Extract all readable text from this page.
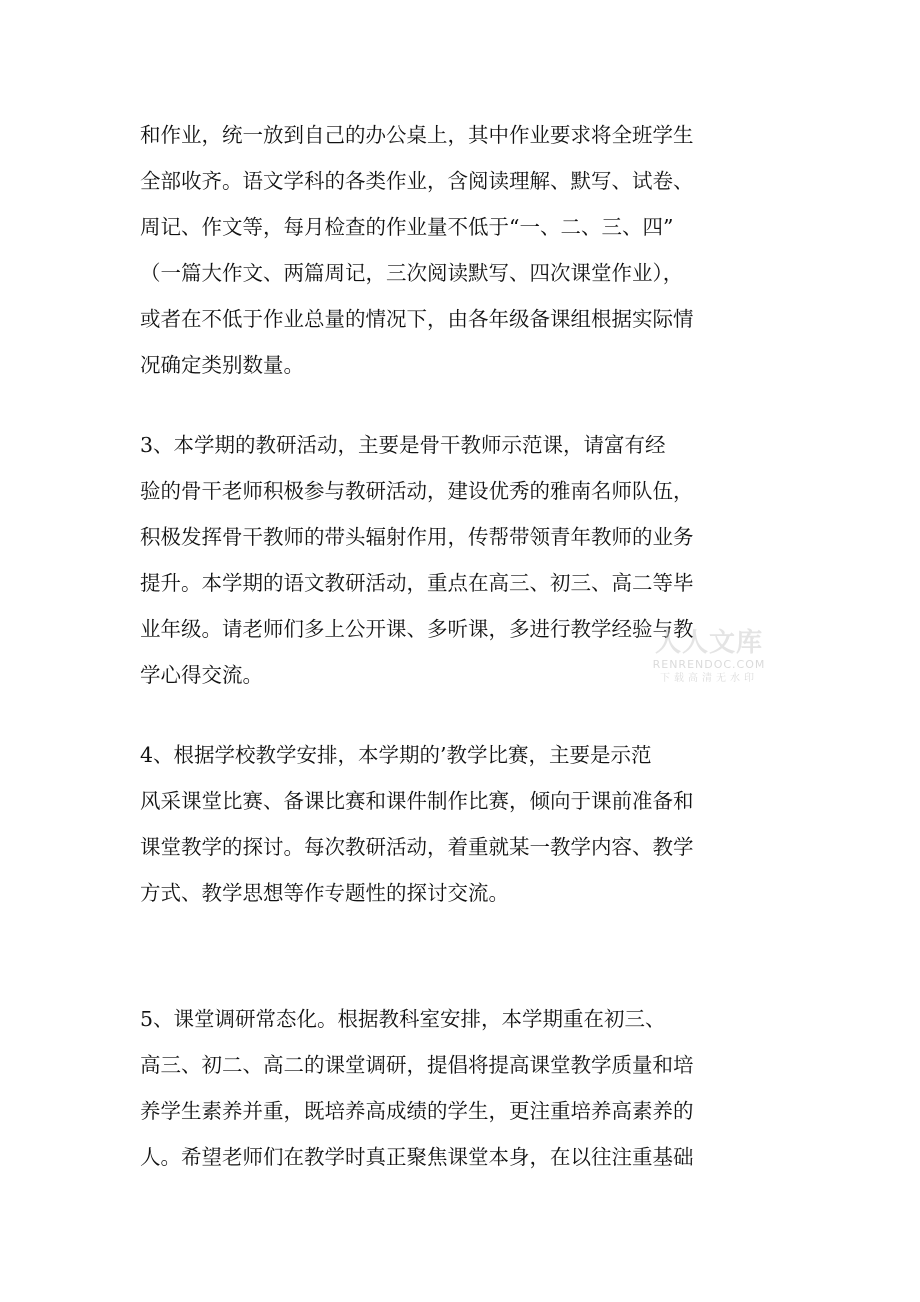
和作业，统一放到自己的办公桌上，其中作业要求将全班学生
全部收齐。语文学科的各类作业，含阅读理解、默写、试卷、
周记、作文等，每月检查的作业量不低于“一、二、三、四”
（一篇大作文、两篇周记，三次阅读默写、四次课堂作业），
或者在不低于作业总量的情况下，由各年级备课组根据实际情
况确定类别数量。
3、本学期的教研活动，主要是骨干教师示范课，请富有经
验的骨干老师积极参与教研活动，建设优秀的雅南名师队伍，
积极发挥骨干教师的带头辐射作用，传帮带领青年教师的业务
提升。本学期的语文教研活动，重点在高三、初三、高二等毕
业年级。请老师们多上公开课、多听课，多进行教学经验与教
学心得交流。
4、根据学校教学安排，本学期的’教学比赛，主要是示范
风采课堂比赛、备课比赛和课件制作比赛，倾向于课前准备和
课堂教学的探讨。每次教研活动，着重就某一教学内容、教学
方式、教学思想等作专题性的探讨交流。
5、课堂调研常态化。根据教科室安排，本学期重在初三、
高三、初二、高二的课堂调研，提倡将提高课堂教学质量和培
养学生素养并重，既培养高成绩的学生，更注重培养高素养的
人。希望老师们在教学时真正聚焦课堂本身，在以往注重基础
人人文库
RENRENDOC.COM
下载高清无水印
